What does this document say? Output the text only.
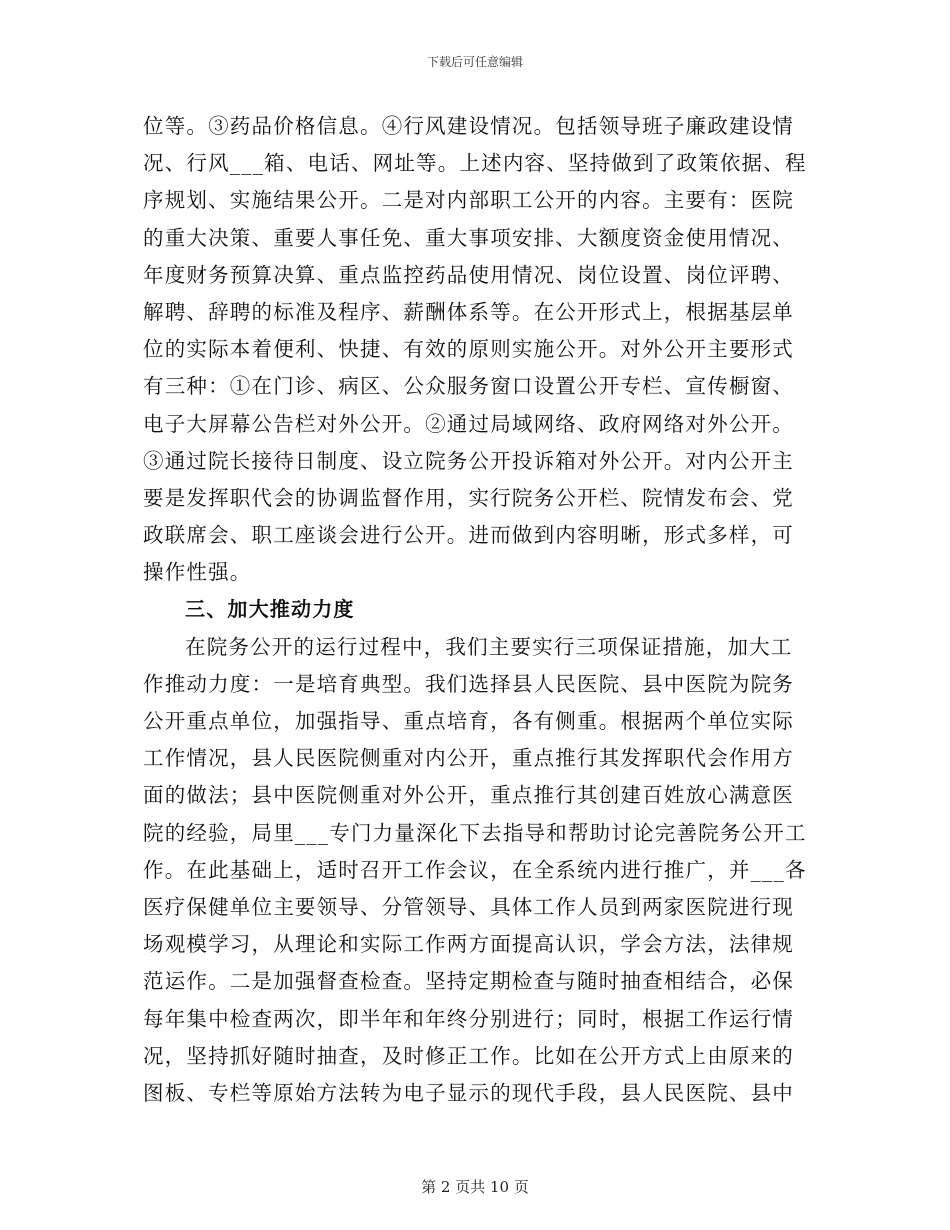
下载后可任意编辑
位等。③药品价格信息。④行风建设情况。包括领导班子廉政建设情
况、行风___箱、电话、网址等。上述内容、坚持做到了政策依据、程
序规划、实施结果公开。二是对内部职工公开的内容。主要有：医院
的重大决策、重要人事任免、重大事项安排、大额度资金使用情况、
年度财务预算决算、重点监控药品使用情况、岗位设置、岗位评聘、
解聘、辞聘的标准及程序、薪酬体系等。在公开形式上，根据基层单
位的实际本着便利、快捷、有效的原则实施公开。对外公开主要形式
有三种：①在门诊、病区、公众服务窗口设置公开专栏、宣传橱窗、
电子大屏幕公告栏对外公开。②通过局域网络、政府网络对外公开。
③通过院长接待日制度、设立院务公开投诉箱对外公开。对内公开主
要是发挥职代会的协调监督作用，实行院务公开栏、院情发布会、党
政联席会、职工座谈会进行公开。进而做到内容明晰，形式多样，可
操作性强。
三、加大推动力度
在院务公开的运行过程中，我们主要实行三项保证措施，加大工
作推动力度：一是培育典型。我们选择县人民医院、县中医院为院务
公开重点单位，加强指导、重点培育，各有侧重。根据两个单位实际
工作情况，县人民医院侧重对内公开，重点推行其发挥职代会作用方
面的做法；县中医院侧重对外公开，重点推行其创建百姓放心满意医
院的经验，局里___专门力量深化下去指导和帮助讨论完善院务公开工
作。在此基础上，适时召开工作会议，在全系统内进行推广，并___各
医疗保健单位主要领导、分管领导、具体工作人员到两家医院进行现
场观模学习，从理论和实际工作两方面提高认识，学会方法，法律规
范运作。二是加强督查检查。坚持定期检查与随时抽查相结合，必保
每年集中检查两次，即半年和年终分别进行；同时，根据工作运行情
况，坚持抓好随时抽查，及时修正工作。比如在公开方式上由原来的
图板、专栏等原始方法转为电子显示的现代手段，县人民医院、县中
第 2 页共 10 页
